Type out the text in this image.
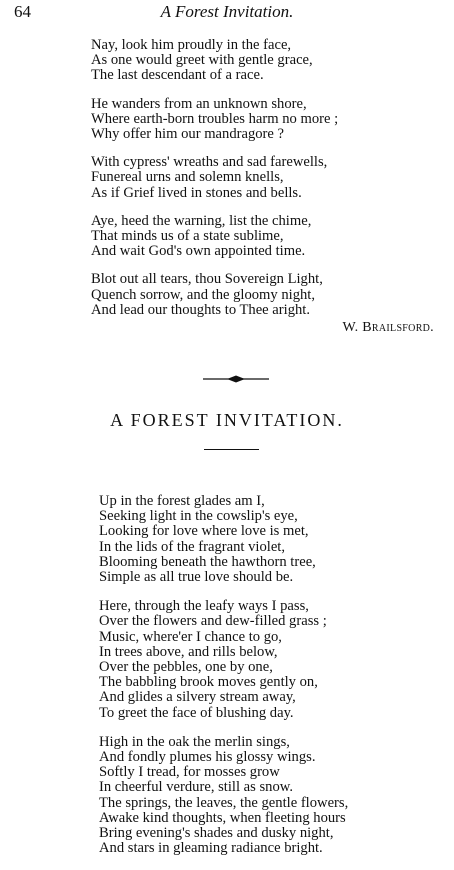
64	A Forest Invitation.
Nay, look him proudly in the face,
As one would greet with gentle grace,
The last descendant of a race.
He wanders from an unknown shore,
Where earth-born troubles harm no more ;
Why offer him our mandragore ?
With cypress' wreaths and sad farewells,
Funereal urns and solemn knells,
As if Grief lived in stones and bells.
Aye, heed the warning, list the chime,
That minds us of a state sublime,
And wait God's own appointed time.
Blot out all tears, thou Sovereign Light,
Quench sorrow, and the gloomy night,
And lead our thoughts to Thee aright.
W. Brailsford.
A FOREST INVITATION.
Up in the forest glades am I,
Seeking light in the cowslip's eye,
Looking for love where love is met,
In the lids of the fragrant violet,
Blooming beneath the hawthorn tree,
Simple as all true love should be.
Here, through the leafy ways I pass,
Over the flowers and dew-filled grass ;
Music, where'er I chance to go,
In trees above, and rills below,
Over the pebbles, one by one,
The babbling brook moves gently on,
And glides a silvery stream away,
To greet the face of blushing day.
High in the oak the merlin sings,
And fondly plumes his glossy wings.
Softly I tread, for mosses grow
In cheerful verdure, still as snow.
The springs, the leaves, the gentle flowers,
Awake kind thoughts, when fleeting hours
Bring evening's shades and dusky night,
And stars in gleaming radiance bright.
